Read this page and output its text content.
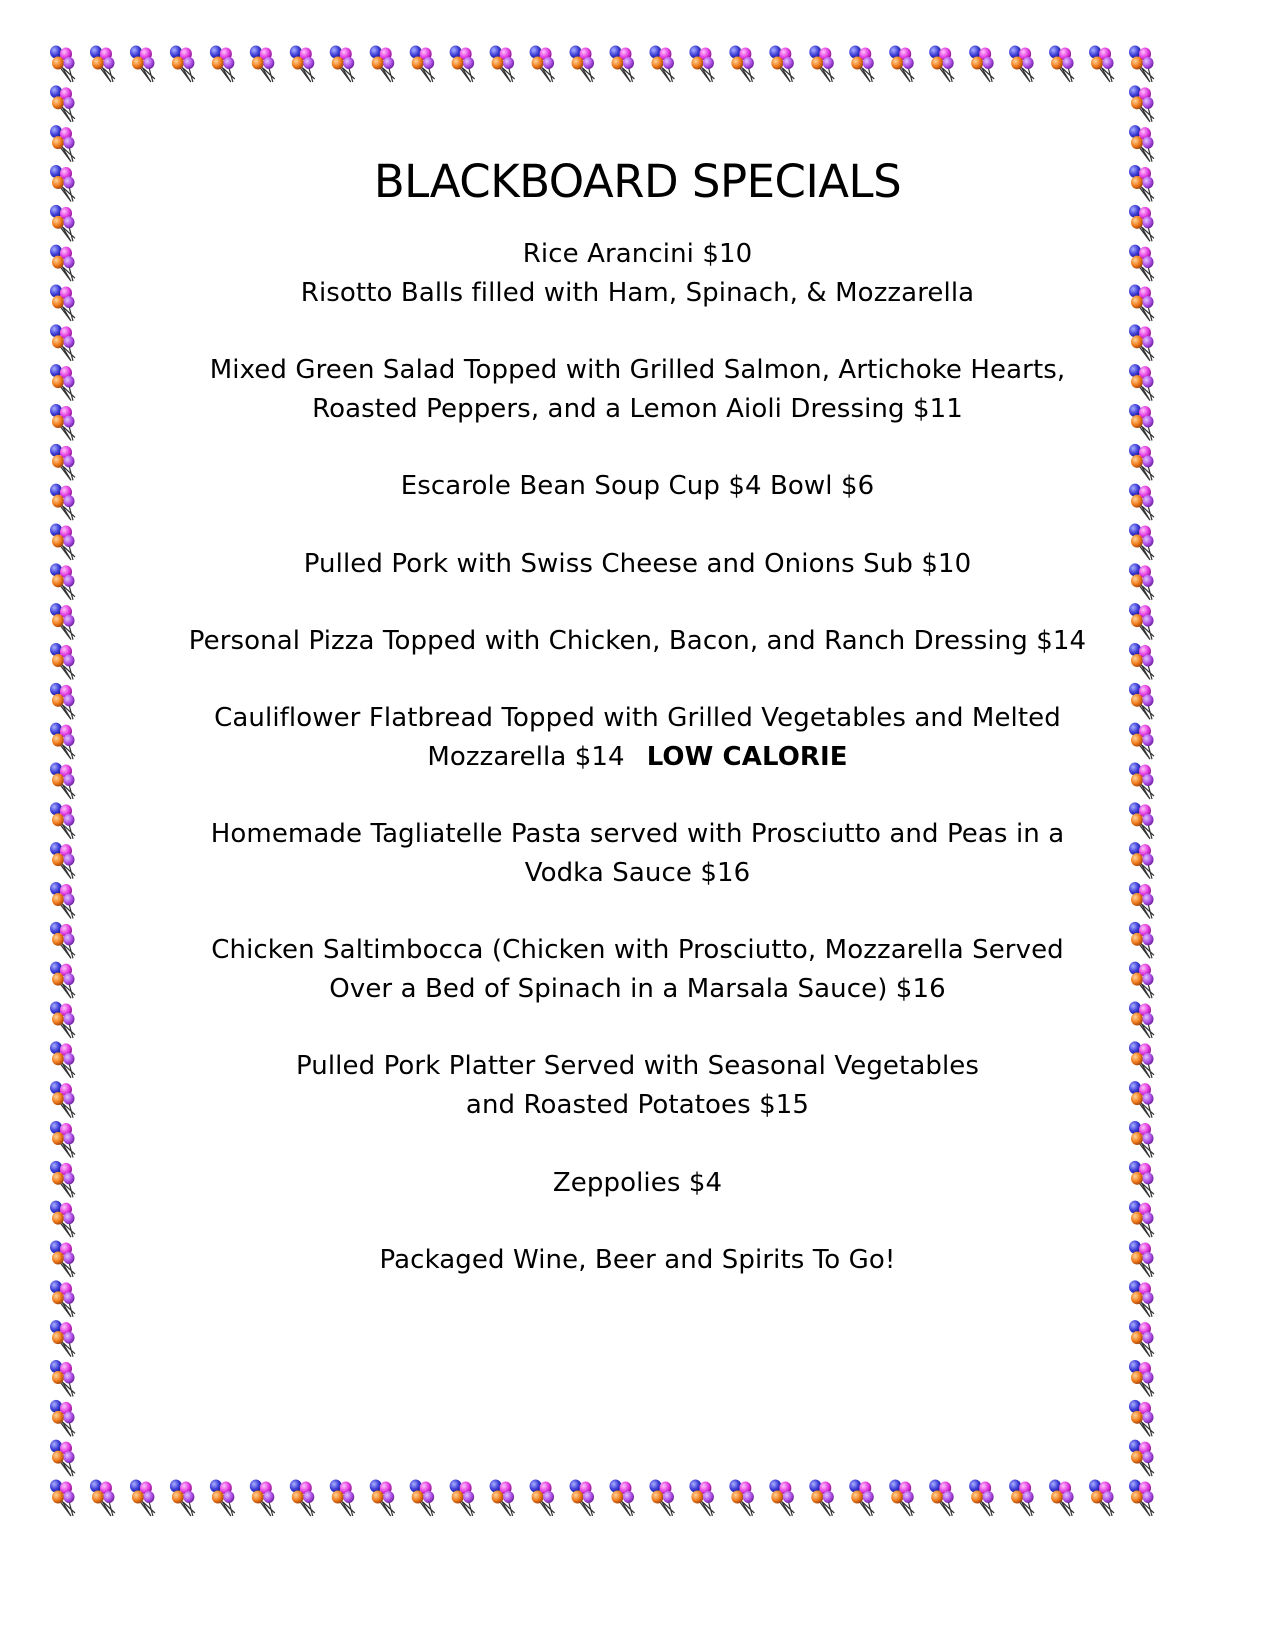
BLACKBOARD SPECIALS
Rice Arancini $10
Risotto Balls filled with Ham, Spinach, & Mozzarella
Mixed Green Salad Topped with Grilled Salmon, Artichoke Hearts,
Roasted Peppers, and a Lemon Aioli Dressing $11
Escarole Bean Soup Cup $4 Bowl $6
Pulled Pork with Swiss Cheese and Onions Sub $10
Personal Pizza Topped with Chicken, Bacon, and Ranch Dressing $14
Cauliflower Flatbread Topped with Grilled Vegetables and Melted
Mozzarella $14 LOW CALORIE
Homemade Tagliatelle Pasta served with Prosciutto and Peas in a
Vodka Sauce $16
Chicken Saltimbocca (Chicken with Prosciutto, Mozzarella Served
Over a Bed of Spinach in a Marsala Sauce) $16
Pulled Pork Platter Served with Seasonal Vegetables
and Roasted Potatoes $15
Zeppolies $4
Packaged Wine, Beer and Spirits To Go!
